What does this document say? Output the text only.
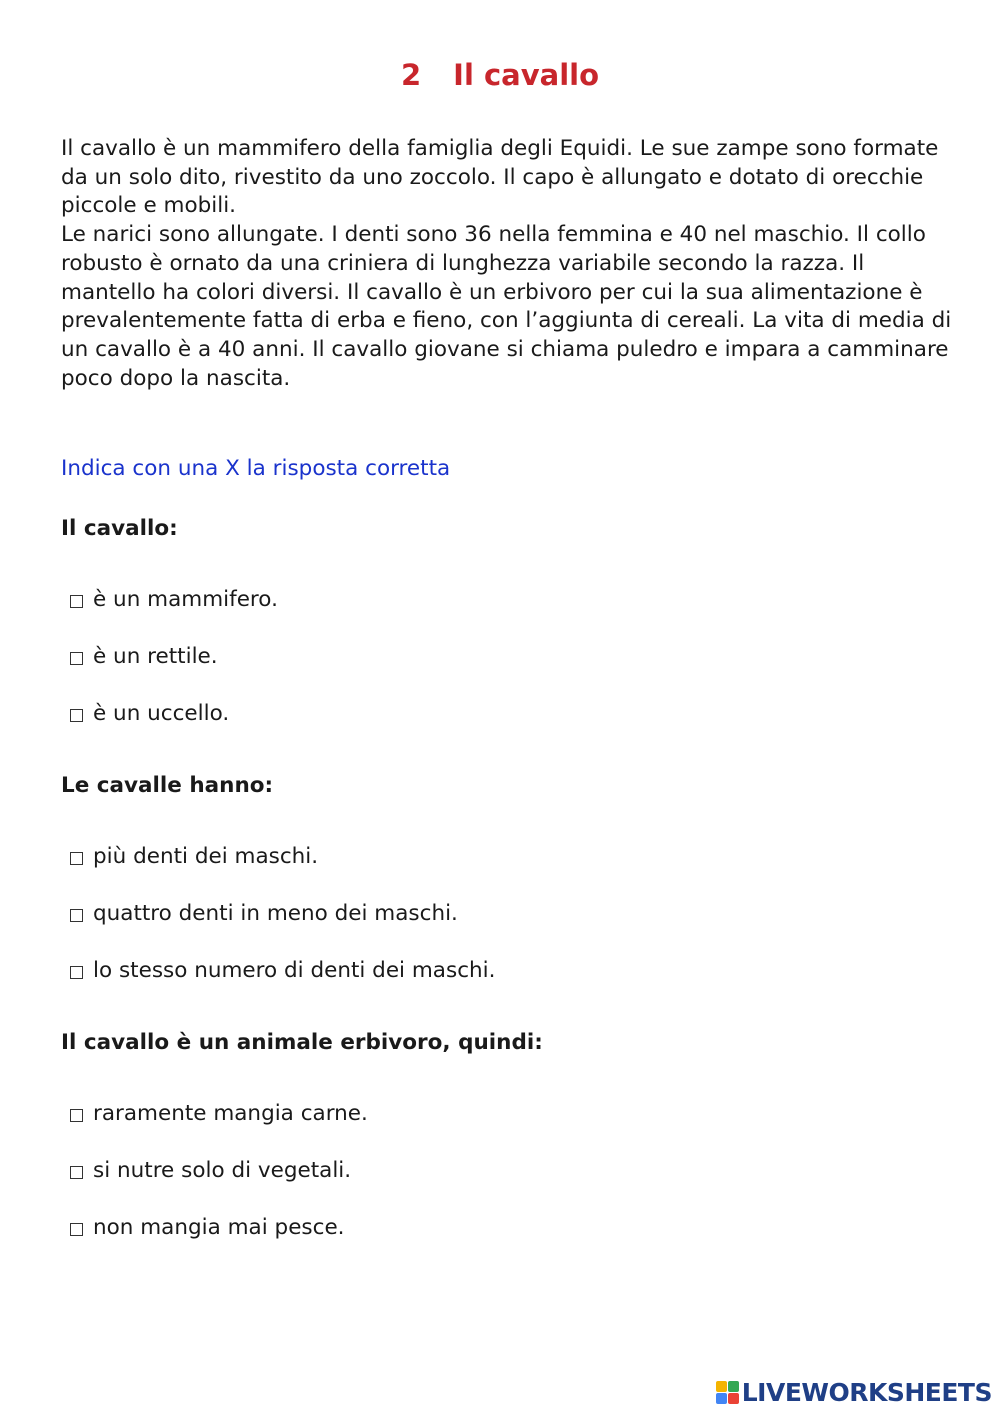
2 Il cavallo

Il cavallo è un mammifero della famiglia degli Equidi. Le sue zampe sono formate da un solo dito, rivestito da uno zoccolo. Il capo è allungato e dotato di orecchie piccole e mobili.

Le narici sono allungate. I denti sono 36 nella femmina e 40 nel maschio. Il collo robusto è ornato da una criniera di lunghezza variabile secondo la razza. Il mantello ha colori diversi. Il cavallo è un erbivoro per cui la sua alimentazione è prevalentemente fatta di erba e fieno, con l’aggiunta di cereali. La vita di media di un cavallo è a 40 anni. Il cavallo giovane si chiama puledro e impara a camminare poco dopo la nascita.

Indica con una X la risposta corretta

Il cavallo:

è un mammifero.
è un rettile.
è un uccello.

Le cavalle hanno:

più denti dei maschi.
quattro denti in meno dei maschi.
lo stesso numero di denti dei maschi.

Il cavallo è un animale erbivoro, quindi:

raramente mangia carne.
si nutre solo di vegetali.
non mangia mai pesce.
LIVEWORKSHEETS
